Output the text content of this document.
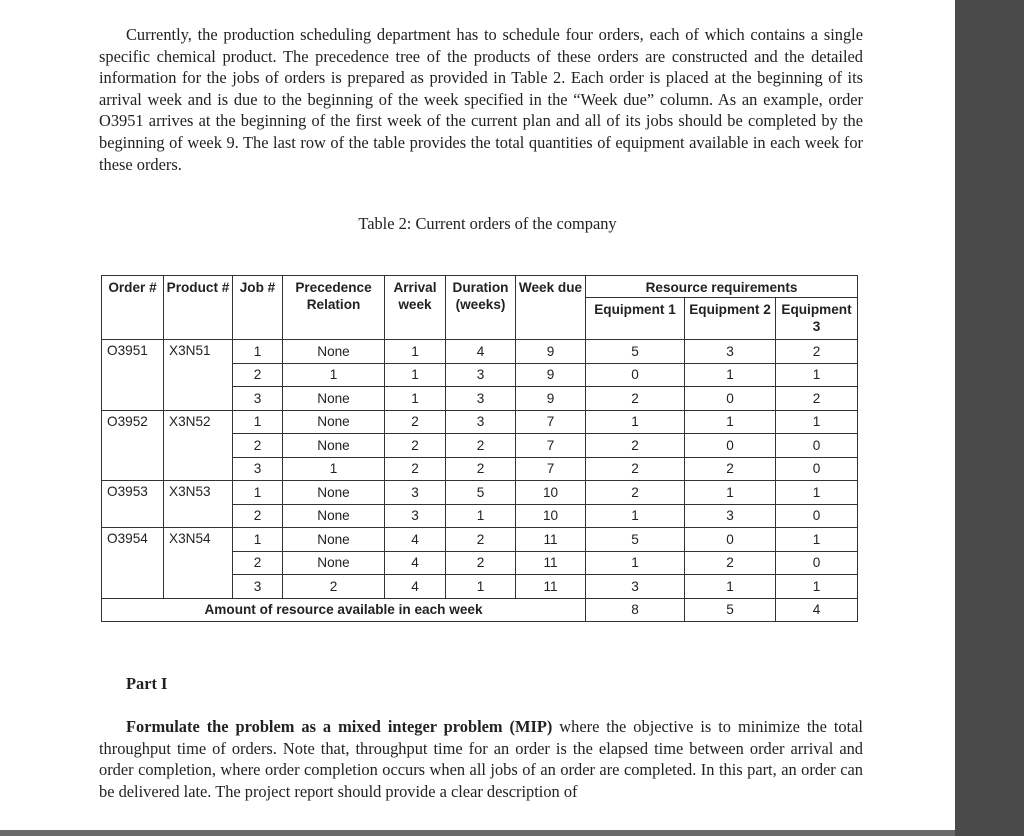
Currently, the production scheduling department has to schedule four orders, each of which contains a single specific chemical product. The precedence tree of the products of these orders are constructed and the detailed information for the jobs of orders is prepared as provided in Table 2. Each order is placed at the beginning of its arrival week and is due to the beginning of the week specified in the “Week due” column. As an example, order O3951 arrives at the beginning of the first week of the current plan and all of its jobs should be completed by the beginning of week 9. The last row of the table provides the total quantities of equipment available in each week for these orders.
Table 2: Current orders of the company
Order #	Product #	Job #	Precedence Relation	Arrival week	Duration (weeks)	Week due	Resource requirements		
							Equipment 1	Equipment 2	Equipment 3
O3951	X3N51	1	None	1	4	9	5	3	2
		2	1	1	3	9	0	1	1
		3	None	1	3	9	2	0	2
O3952	X3N52	1	None	2	3	7	1	1	1
		2	None	2	2	7	2	0	0
		3	1	2	2	7	2	2	0
O3953	X3N53	1	None	3	5	10	2	1	1
		2	None	3	1	10	1	3	0
O3954	X3N54	1	None	4	2	11	5	0	1
		2	None	4	2	11	1	2	0
		3	2	4	1	11	3	1	1
Amount of resource available in each week							8	5	4
Part I
Formulate the problem as a mixed integer problem (MIP) where the objective is to minimize the total throughput time of orders. Note that, throughput time for an order is the elapsed time between order arrival and order completion, where order completion occurs when all jobs of an order are completed. In this part, an order can be delivered late. The project report should provide a clear description of
